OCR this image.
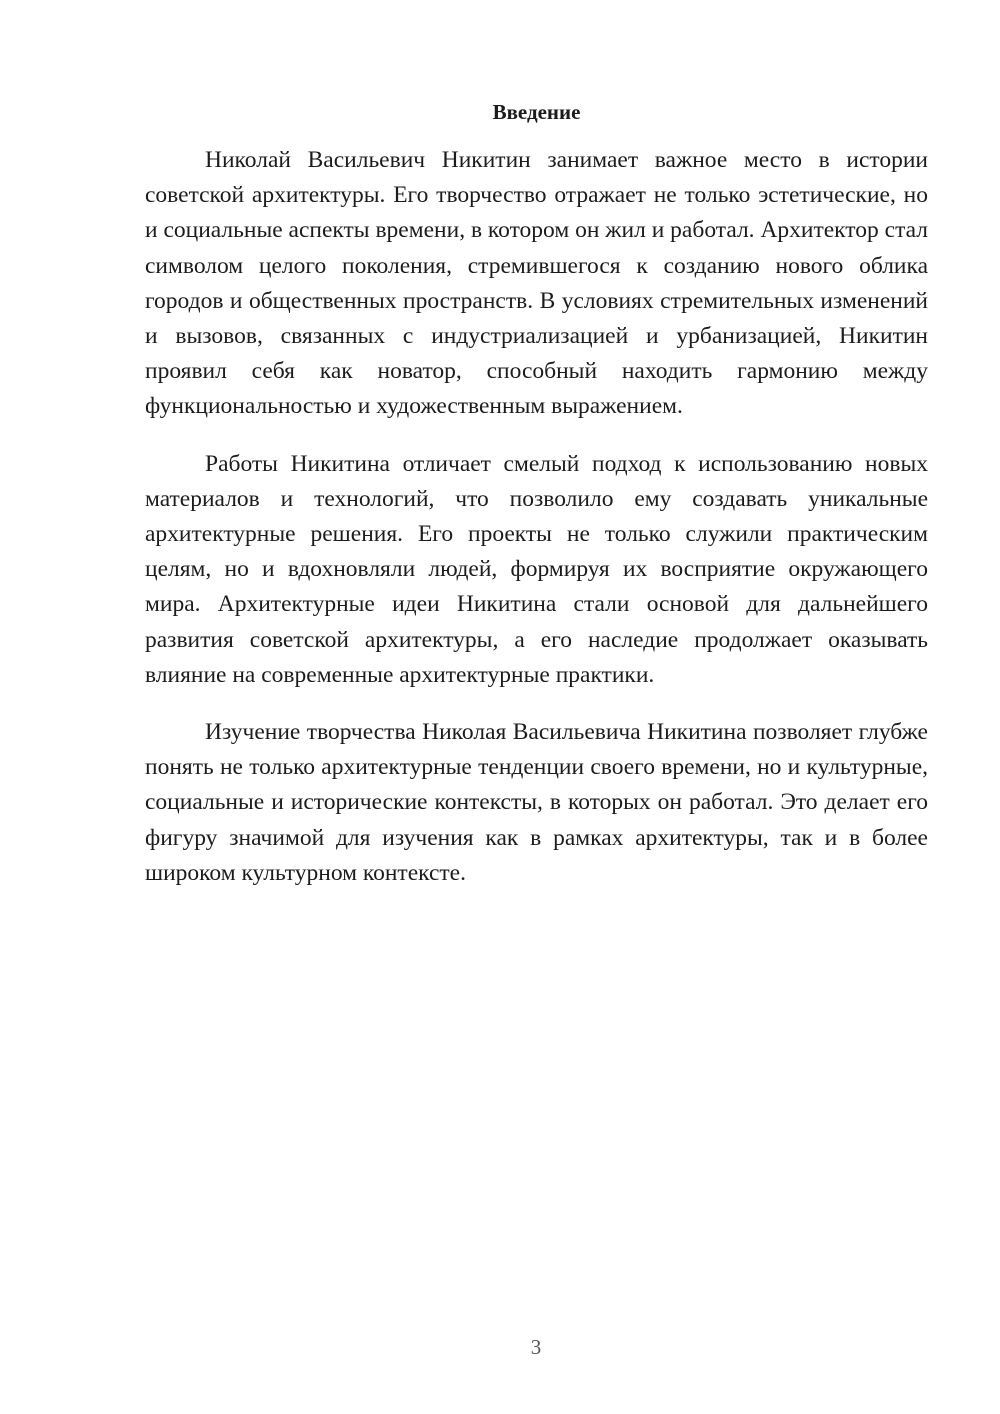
Введение

Николай Васильевич Никитин занимает важное место в истории советской архитектуры. Его творчество отражает не только эстетические, но и социальные аспекты времени, в котором он жил и работал. Архитектор стал символом целого поколения, стремившегося к созданию нового облика городов и общественных пространств. В условиях стремительных изменений и вызовов, связанных с индустриализацией и урбанизацией, Никитин проявил себя как новатор, способный находить гармонию между функциональностью и художественным выражением.

Работы Никитина отличает смелый подход к использованию новых материалов и технологий, что позволило ему создавать уникальные архитектурные решения. Его проекты не только служили практическим целям, но и вдохновляли людей, формируя их восприятие окружающего мира. Архитектурные идеи Никитина стали основой для дальнейшего развития советской архитектуры, а его наследие продолжает оказывать влияние на современные архитектурные практики.

Изучение творчества Николая Васильевича Никитина позволяет глубже понять не только архитектурные тенденции своего времени, но и культурные, социальные и исторические контексты, в которых он работал. Это делает его фигуру значимой для изучения как в рамках архитектуры, так и в более широком культурном контексте.

3
